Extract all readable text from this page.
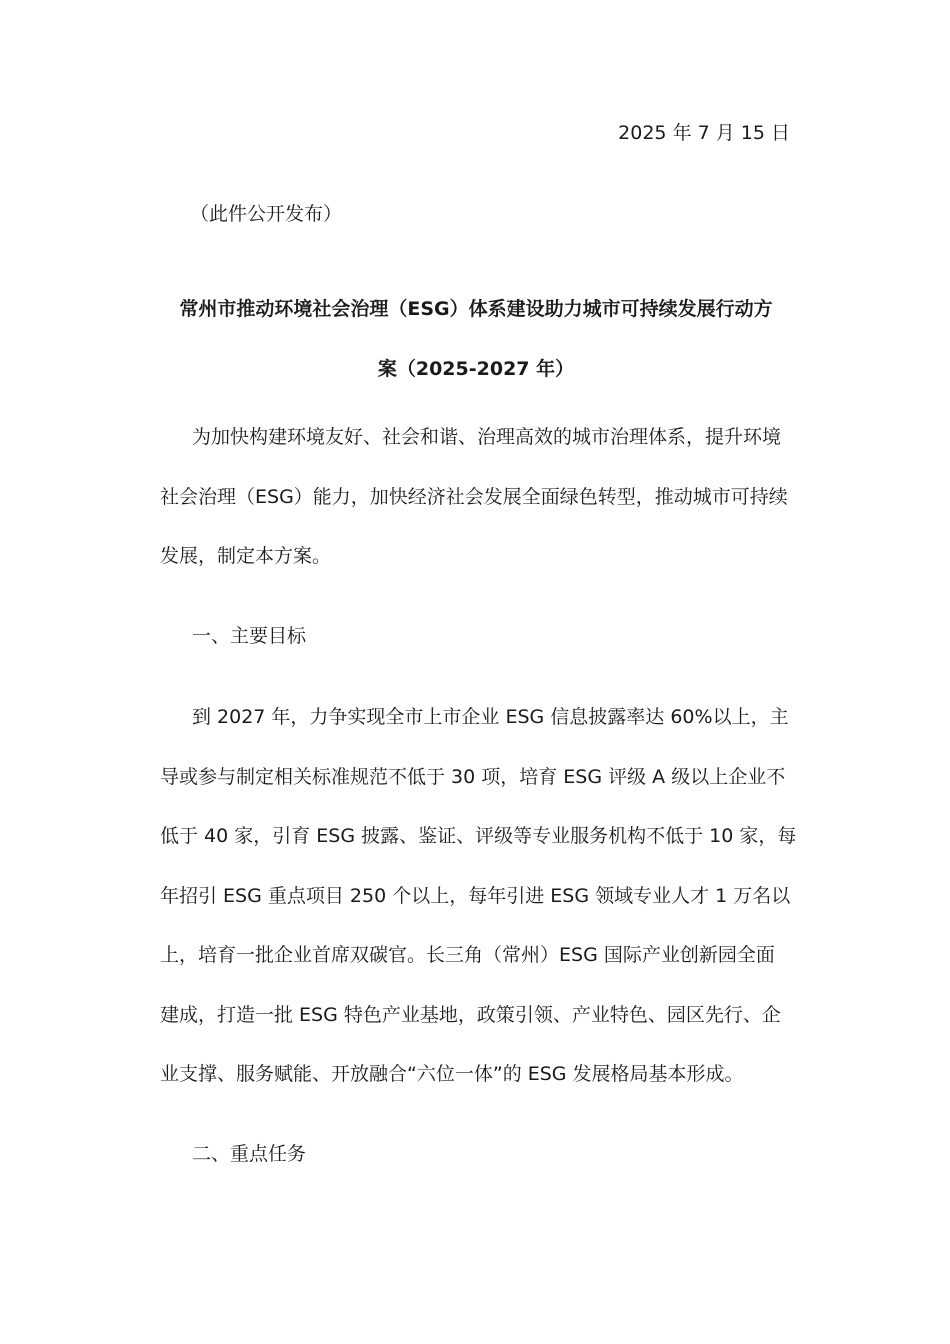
2025 年 7 月 15 日
（此件公开发布）
常州市推动环境社会治理（ESG）体系建设助力城市可持续发展行动方
案（2025-2027 年）
为加快构建环境友好、社会和谐、治理高效的城市治理体系，提升环境
社会治理（ESG）能力，加快经济社会发展全面绿色转型，推动城市可持续
发展，制定本方案。
一、主要目标
到 2027 年，力争实现全市上市企业 ESG 信息披露率达 60%以上，主
导或参与制定相关标准规范不低于 30 项，培育 ESG 评级 A 级以上企业不
低于 40 家，引育 ESG 披露、鉴证、评级等专业服务机构不低于 10 家，每
年招引 ESG 重点项目 250 个以上，每年引进 ESG 领域专业人才 1 万名以
上，培育一批企业首席双碳官。长三角（常州）ESG 国际产业创新园全面
建成，打造一批 ESG 特色产业基地，政策引领、产业特色、园区先行、企
业支撑、服务赋能、开放融合“六位一体”的 ESG 发展格局基本形成。
二、重点任务
